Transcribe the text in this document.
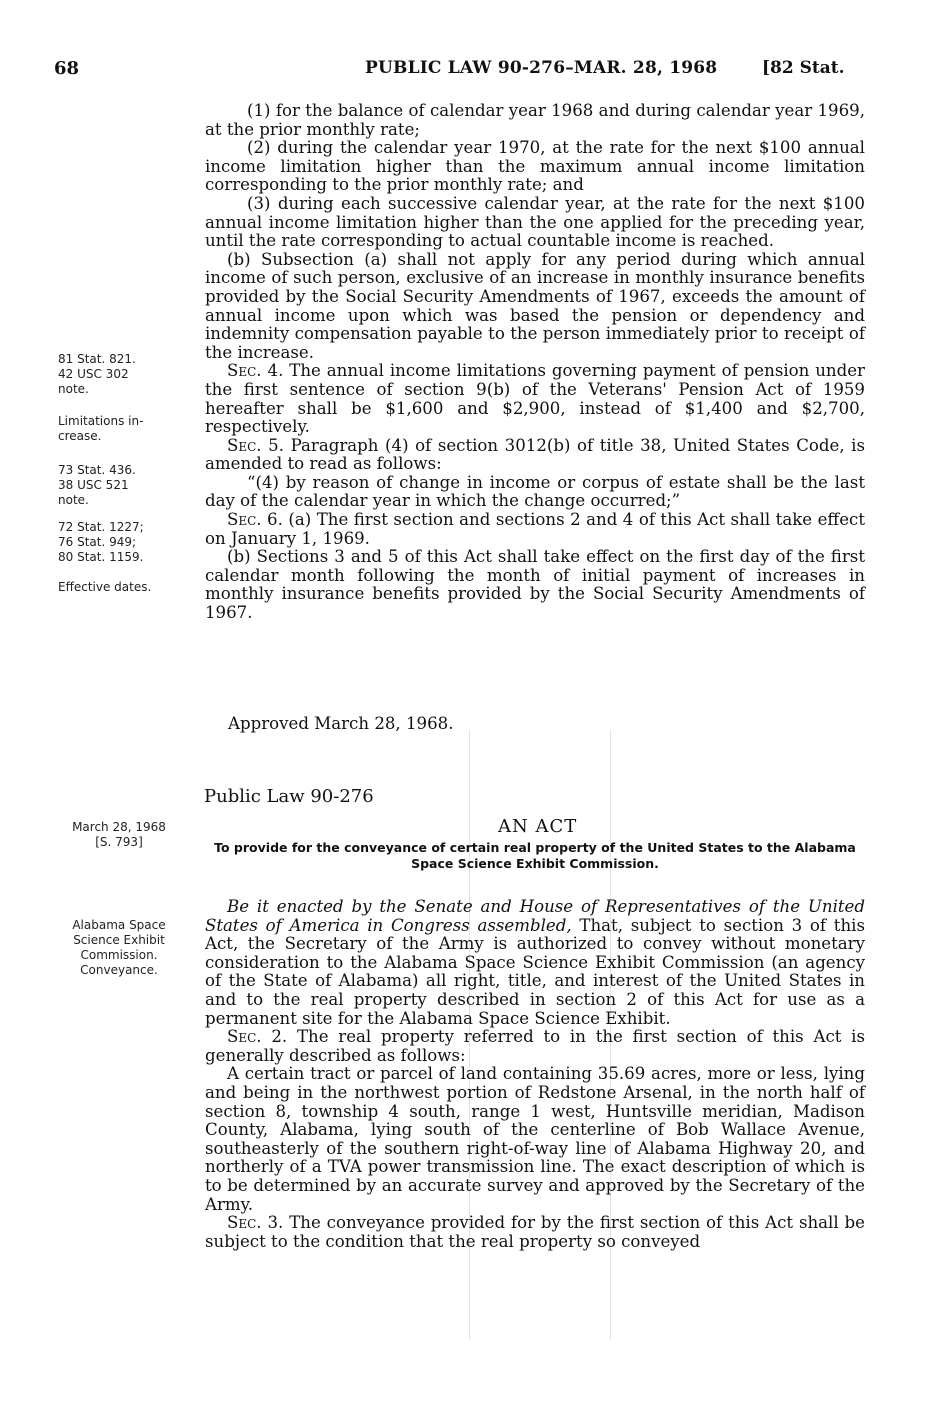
68	PUBLIC LAW 90-276–MAR. 28, 1968	[82 Stat.
81 Stat. 821.
42 USC 302
note.
Limitations in-
crease.
73 Stat. 436.
38 USC 521
note.
72 Stat. 1227;
76 Stat. 949;
80 Stat. 1159.
Effective dates.
March 28, 1968
[S. 793]
Alabama Space
Science Exhibit
Commission.
Conveyance.

(1) for the balance of calendar year 1968 and during calendar year 1969, at the prior monthly rate;

(2) during the calendar year 1970, at the rate for the next $100 annual income limitation higher than the maximum annual income limitation corresponding to the prior monthly rate; and

(3) during each successive calendar year, at the rate for the next $100 annual income limitation higher than the one applied for the preceding year, until the rate corresponding to actual countable income is reached.

(b) Subsection (a) shall not apply for any period during which annual income of such person, exclusive of an increase in monthly insurance benefits provided by the Social Security Amendments of 1967, exceeds the amount of annual income upon which was based the pension or dependency and indemnity compensation payable to the person immediately prior to receipt of the increase.

Sec. 4. The annual income limitations governing payment of pension under the first sentence of section 9(b) of the Veterans' Pension Act of 1959 hereafter shall be $1,600 and $2,900, instead of $1,400 and $2,700, respectively.

Sec. 5. Paragraph (4) of section 3012(b) of title 38, United States Code, is amended to read as follows:

“(4) by reason of change in income or corpus of estate shall be the last day of the calendar year in which the change occurred;”

Sec. 6. (a) The first section and sections 2 and 4 of this Act shall take effect on January 1, 1969.

(b) Sections 3 and 5 of this Act shall take effect on the first day of the first calendar month following the month of initial payment of increases in monthly insurance benefits provided by the Social Security Amendments of 1967.

Approved March 28, 1968.
Public Law 90-276
AN ACT
To provide for the conveyance of certain real property of the United States to the Alabama Space Science Exhibit Commission.

Be it enacted by the Senate and House of Representatives of the United States of America in Congress assembled, That, subject to section 3 of this Act, the Secretary of the Army is authorized to convey without monetary consideration to the Alabama Space Science Exhibit Commission (an agency of the State of Alabama) all right, title, and interest of the United States in and to the real property described in section 2 of this Act for use as a permanent site for the Alabama Space Science Exhibit.

Sec. 2. The real property referred to in the first section of this Act is generally described as follows:

A certain tract or parcel of land containing 35.69 acres, more or less, lying and being in the northwest portion of Redstone Arsenal, in the north half of section 8, township 4 south, range 1 west, Huntsville meridian, Madison County, Alabama, lying south of the centerline of Bob Wallace Avenue, southeasterly of the southern right-of-way line of Alabama Highway 20, and northerly of a TVA power transmission line. The exact description of which is to be determined by an accurate survey and approved by the Secretary of the Army.

Sec. 3. The conveyance provided for by the first section of this Act shall be subject to the condition that the real property so conveyed
